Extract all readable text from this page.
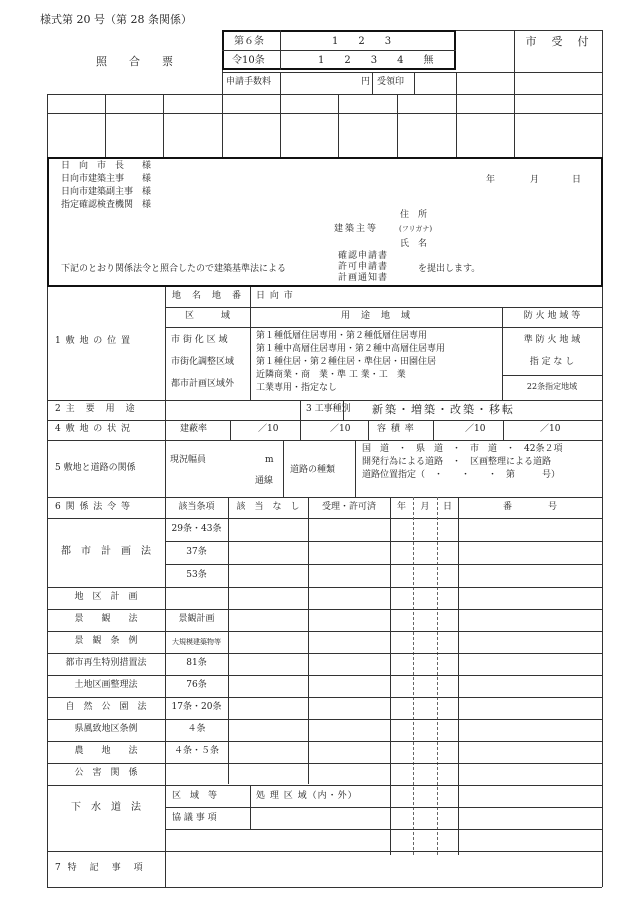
様式第 20 号（第 28 条関係）
照　　合　　票
市　受　付
第６条	1　　2　　3
令10条	1　　2　　3　　4　　無
申請手数料	円 受領印
日　向　市　長　　様
日向市建築主事　　様
日向市建築副主事　様
指定確認検査機関　様
年	月	日
住　所
建築主等	(フリガナ)
氏　名
下記のとおり関係法令と照合したので建築基準法による
確認申請書
許可申請書
計画通知書
を提出します。
1 敷 地 の 位 置
地　名　地　番 日 向 市
区　　　域	用　途　地　域	防 火 地 域 等
市 街 化 区 域
市街化調整区域
都市計画区域外
第１種低層住居専用・第２種低層住居専用
第１種中高層住居専用・第２種中高層住居専用
第１種住居・第２種住居・準住居・田園住居
近隣商業・商　業・準 工 業・工　業
工業専用・指定なし
準 防 火 地 域
指 定 な し
22条指定地域
2 主　要　用　途	3 工事種別 新築・増築・改築・移転
4 敷 地 の 状 況	建蔽率	／10	／10	容 積 率	／10	／10
5 敷地と道路の関係
現況幅員	m
通線
道路の種類
国　道　・　県　道　・　市　道　・　42条２項
開発行為による道路　・　区画整理による道路
道路位置指定（　・　　・　　・　第　　　号）
6 関 係 法 令 等	該当条項	該　当　な　し	受理・許可済	年	月	日	番　　　　号
都　市　計　画　法
29条・43条
37条
53条
地　区　計　画
景　　観　　法	景観計画
景　観　条　例	大規模建築物等
都市再生特別措置法	81条
土地区画整理法	76条
自　然　公　園　法	17条・20条
県風致地区条例	４条
農　　地　　法	４条・５条
公　害　関　係
下　水　道　法
区　域　等	処 理 区 域（内・外）
協 議 事 項
7 特　記　事　項
